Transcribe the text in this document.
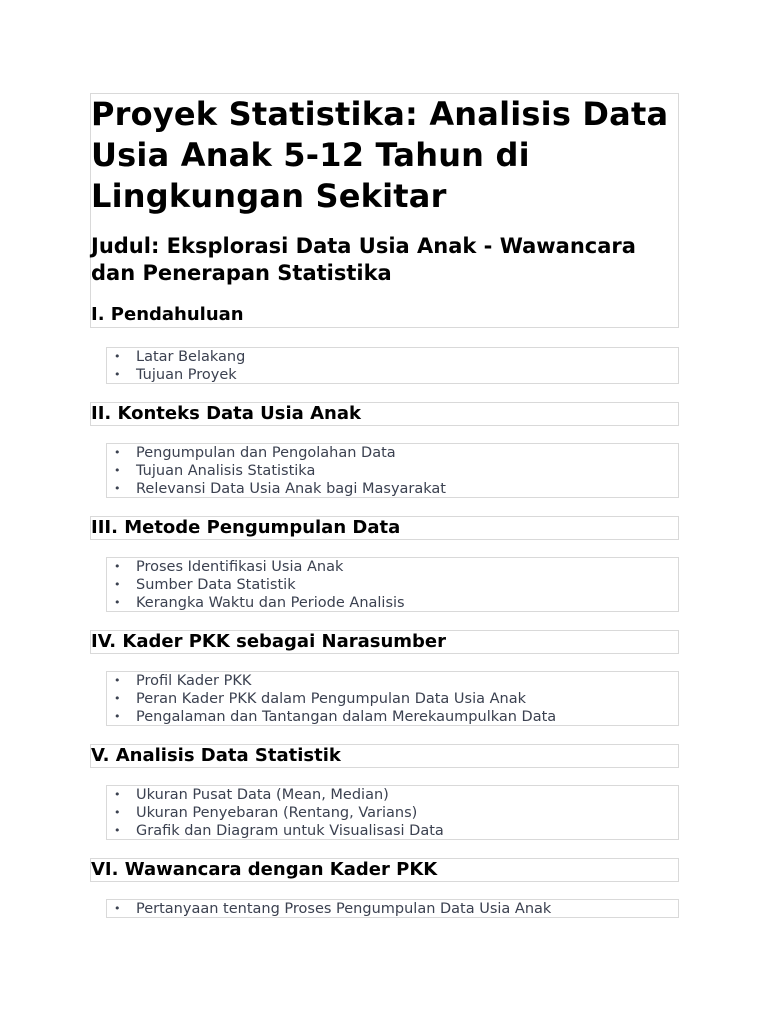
Proyek Statistika: Analisis Data Usia Anak 5-12 Tahun di Lingkungan Sekitar
Judul: Eksplorasi Data Usia Anak - Wawancara dan Penerapan Statistika
I. Pendahuluan
• Latar Belakang
• Tujuan Proyek
II. Konteks Data Usia Anak
• Pengumpulan dan Pengolahan Data
• Tujuan Analisis Statistika
• Relevansi Data Usia Anak bagi Masyarakat
III. Metode Pengumpulan Data
• Proses Identifikasi Usia Anak
• Sumber Data Statistik
• Kerangka Waktu dan Periode Analisis
IV. Kader PKK sebagai Narasumber
• Profil Kader PKK
• Peran Kader PKK dalam Pengumpulan Data Usia Anak
• Pengalaman dan Tantangan dalam Merekaumpulkan Data
V. Analisis Data Statistik
• Ukuran Pusat Data (Mean, Median)
• Ukuran Penyebaran (Rentang, Varians)
• Grafik dan Diagram untuk Visualisasi Data
VI. Wawancara dengan Kader PKK
• Pertanyaan tentang Proses Pengumpulan Data Usia Anak
